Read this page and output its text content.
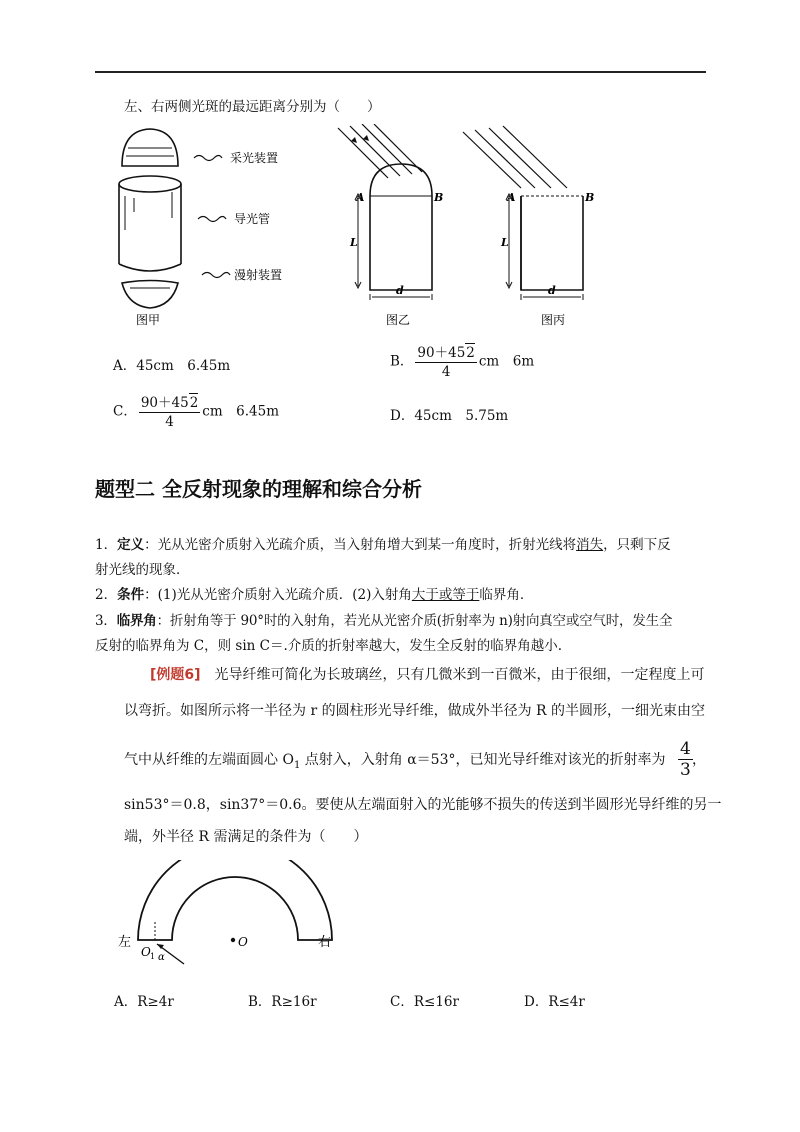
左、右两侧光斑的最远距离分别为（　　）
采光装置
导光管
漫射装置
图甲
A	B
L
d
图乙
A	B
L
d
图丙
A．45cm　6.45m	B． $\frac{90+452}{4}$ cm　6m
C． $\frac{90+452}{4}$ cm　6.45m	D．45cm　5.75m
题型二 全反射现象的理解和综合分析
1．定义：光从光密介质射入光疏介质，当入射角增大到某一角度时，折射光线将消失，只剩下反
射光线的现象．
2．条件：(1)光从光密介质射入光疏介质．(2)入射角大于或等于临界角．
3．临界角：折射角等于 90°时的入射角，若光从光密介质(折射率为 n)射向真空或空气时，发生全
反射的临界角为 C，则 sin C＝.介质的折射率越大，发生全反射的临界角越小.
[例题6]　 光导纤维可简化为长玻璃丝，只有几微米到一百微米，由于很细，一定程度上可
以弯折。如图所示将一半径为 r 的圆柱形光导纤维，做成外半径为 R 的半圆形，一细光束由空
气中从纤维的左端面圆心 $O_1$ 点射入，入射角 α＝53°，已知光导纤维对该光的折射率为 $\frac{4}{3}$ ，
sin53°＝0.8，sin37°＝0.6。要使从左端面射入的光能够不损失的传送到半圆形光导纤维的另一
端，外半径 R 需满足的条件为（　　）
左	右
O 1
O
α
A．R≥4r	B．R≥16r	C．R≤16r	D．R≤4r
